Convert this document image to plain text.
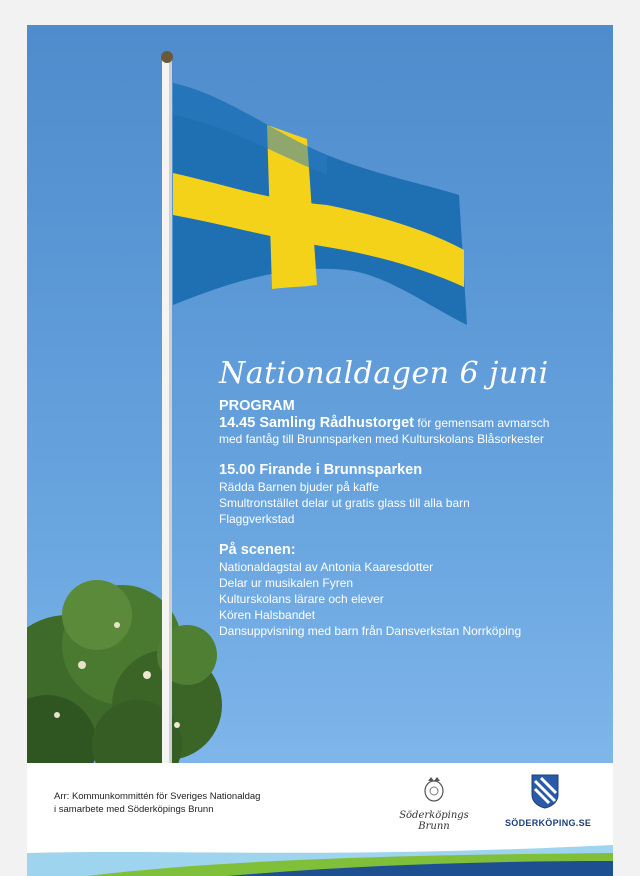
Nationaldagen 6 juni
PROGRAM
14.45 Samling Rådhustorget för gemensam avmarsch
med fantåg till Brunnsparken med Kulturskolans Blåsorkester
15.00 Firande i Brunnsparken
Rädda Barnen bjuder på kaffe
Smultronstället delar ut gratis glass till alla barn
Flaggverkstad
På scenen:
Nationaldagstal av Antonia Kaaresdotter
Delar ur musikalen Fyren
Kulturskolans lärare och elever
Kören Halsbandet
Dansuppvisning med barn från Dansverkstan Norrköping
Arr: Kommunkommittén för Sveriges Nationaldag
i samarbete med Söderköpings Brunn
Söderköpings Brunn	SÖDERKÖPING.SE
